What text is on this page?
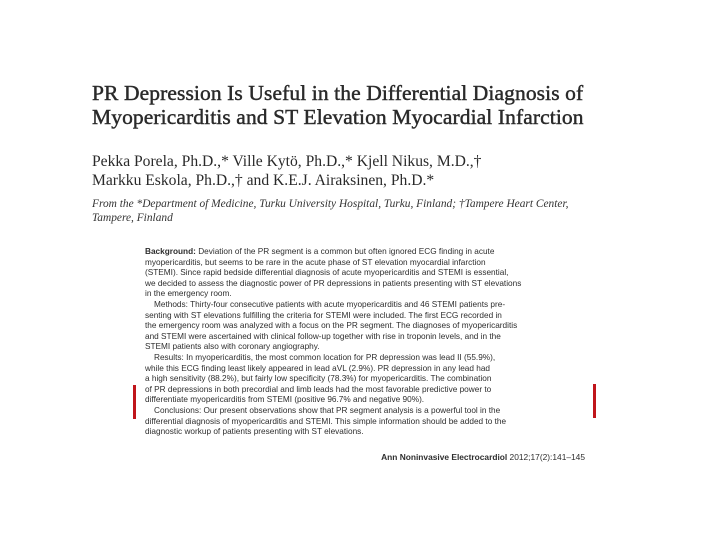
PR Depression Is Useful in the Differential Diagnosis of
Myopericarditis and ST Elevation Myocardial Infarction
Pekka Porela, Ph.D.,* Ville Kytö, Ph.D.,* Kjell Nikus, M.D.,†
Markku Eskola, Ph.D.,† and K.E.J. Airaksinen, Ph.D.*
From the *Department of Medicine, Turku University Hospital, Turku, Finland; †Tampere Heart Center,
Tampere, Finland
Background: Deviation of the PR segment is a common but often ignored ECG finding in acute
myopericarditis, but seems to be rare in the acute phase of ST elevation myocardial infarction
(STEMI). Since rapid bedside differential diagnosis of acute myopericarditis and STEMI is essential,
we decided to assess the diagnostic power of PR depressions in patients presenting with ST elevations
in the emergency room.
Methods: Thirty-four consecutive patients with acute myopericarditis and 46 STEMI patients pre-
senting with ST elevations fulfilling the criteria for STEMI were included. The first ECG recorded in
the emergency room was analyzed with a focus on the PR segment. The diagnoses of myopericarditis
and STEMI were ascertained with clinical follow-up together with rise in troponin levels, and in the
STEMI patients also with coronary angiography.
Results: In myopericarditis, the most common location for PR depression was lead II (55.9%),
while this ECG finding least likely appeared in lead aVL (2.9%). PR depression in any lead had
a high sensitivity (88.2%), but fairly low specificity (78.3%) for myopericarditis. The combination
of PR depressions in both precordial and limb leads had the most favorable predictive power to
differentiate myopericarditis from STEMI (positive 96.7% and negative 90%).
Conclusions: Our present observations show that PR segment analysis is a powerful tool in the
differential diagnosis of myopericarditis and STEMI. This simple information should be added to the
diagnostic workup of patients presenting with ST elevations.
Ann Noninvasive Electrocardiol 2012;17(2):141–145
